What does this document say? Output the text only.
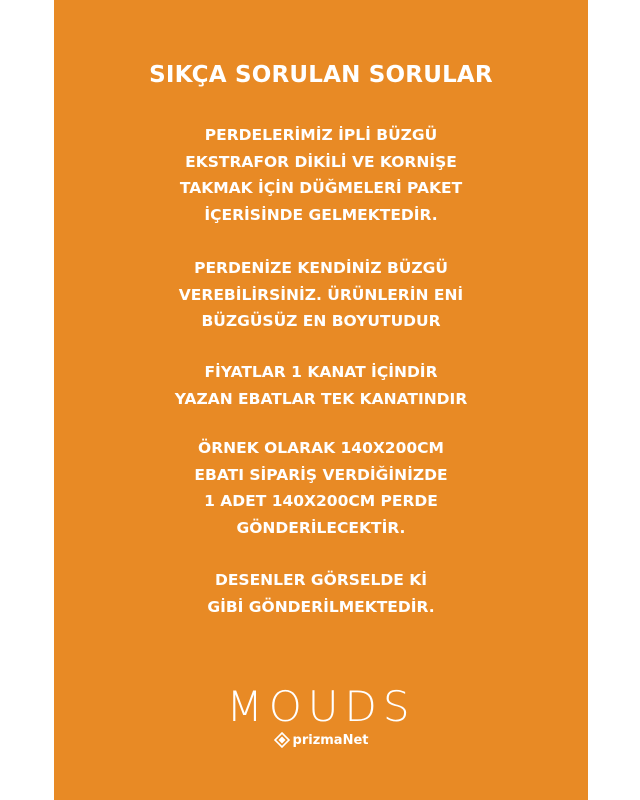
SIKÇA SORULAN SORULAR
PERDELERİMİZ İPLİ BÜZGÜ
EKSTRAFOR DİKİLİ VE KORNİŞE
TAKMAK İÇİN DÜĞMELERİ PAKET
İÇERİSİNDE GELMEKTEDİR.
PERDENİZE KENDİNİZ BÜZGÜ
VEREBİLİRSİNİZ. ÜRÜNLERİN ENİ
BÜZGÜSÜZ EN BOYUTUDUR
FİYATLAR 1 KANAT İÇİNDİR
YAZAN EBATLAR TEK KANATINDIR
ÖRNEK OLARAK 140X200CM
EBATI SİPARİŞ VERDİĞİNİZDE
1 ADET 140X200CM PERDE
GÖNDERİLECEKTİR.
DESENLER GÖRSELDE Kİ
GİBİ GÖNDERİLMEKTEDİR.
MOUDS
prizmaNet
